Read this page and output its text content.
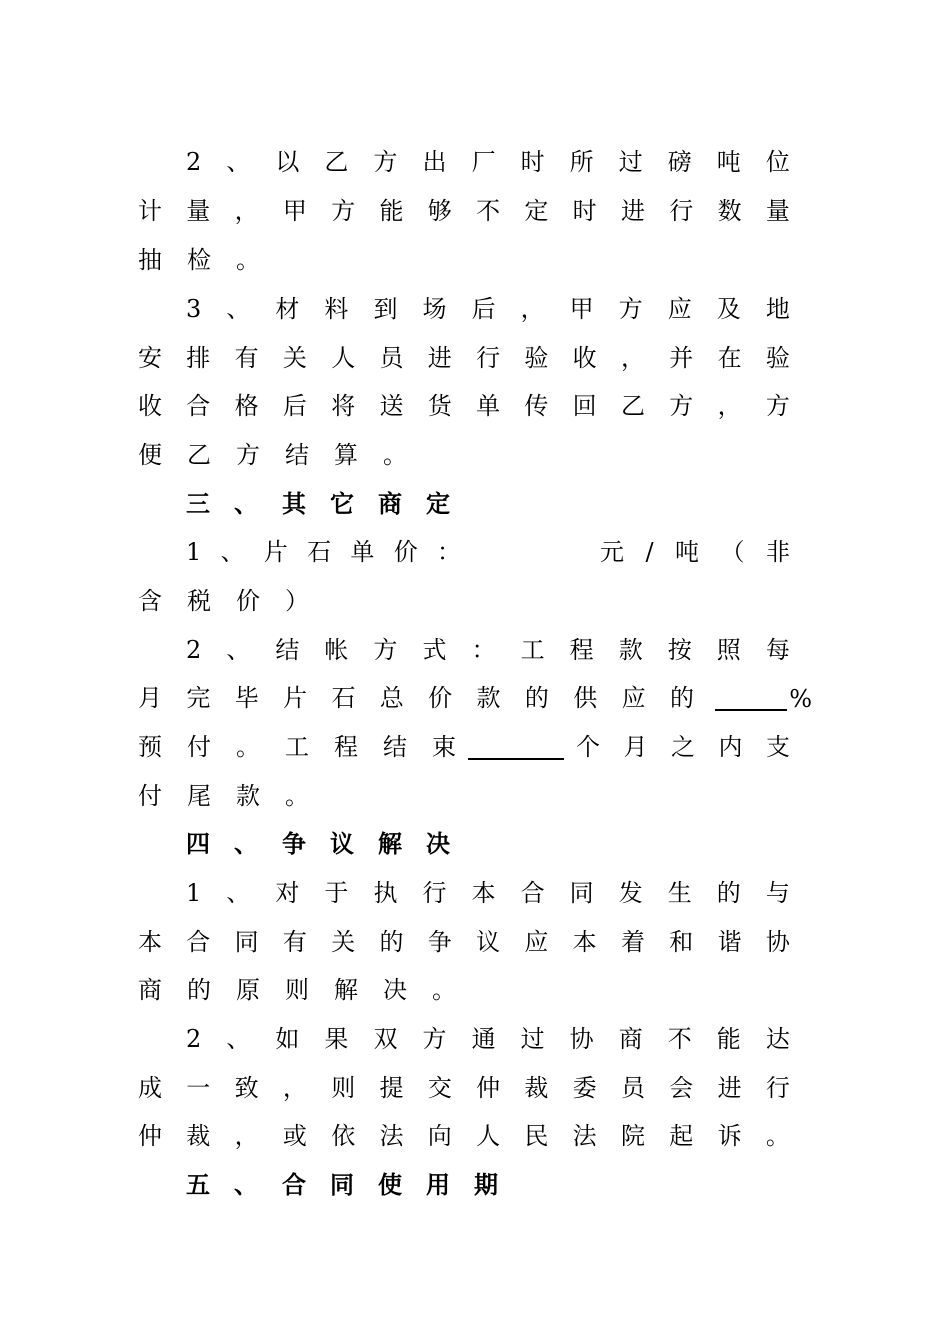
2 、 以 乙 方 出 厂 时 所 过 磅 吨 位
计 量 ， 甲 方 能 够 不 定 时 进 行 数 量
抽 检 。
3 、 材 料 到 场 后 ， 甲 方 应 及 地
安 排 有 关 人 员 进 行 验 收 ， 并 在 验
收 合 格 后 将 送 货 单 传 回 乙 方 ， 方
便 乙 方 结 算 。
三 、 其 它 商 定
1 、 片 石 单 价 ：	元 / 吨 （ 非
含 税 价 ）
2 、 结 帐 方 式 ： 工 程 款 按 照 每
月 完 毕 片 石 总 价 款 的 供 应 的	%
预 付 。 工 程 结 束	个 月 之 内 支
付 尾 款 。
四 、 争 议 解 决
1 、 对 于 执 行 本 合 同 发 生 的 与
本 合 同 有 关 的 争 议 应 本 着 和 谐 协
商 的 原 则 解 决 。
2 、 如 果 双 方 通 过 协 商 不 能 达
成 一 致 ， 则 提 交 仲 裁 委 员 会 进 行
仲 裁 ， 或 依 法 向 人 民 法 院 起 诉 。
五 、 合 同 使 用 期
